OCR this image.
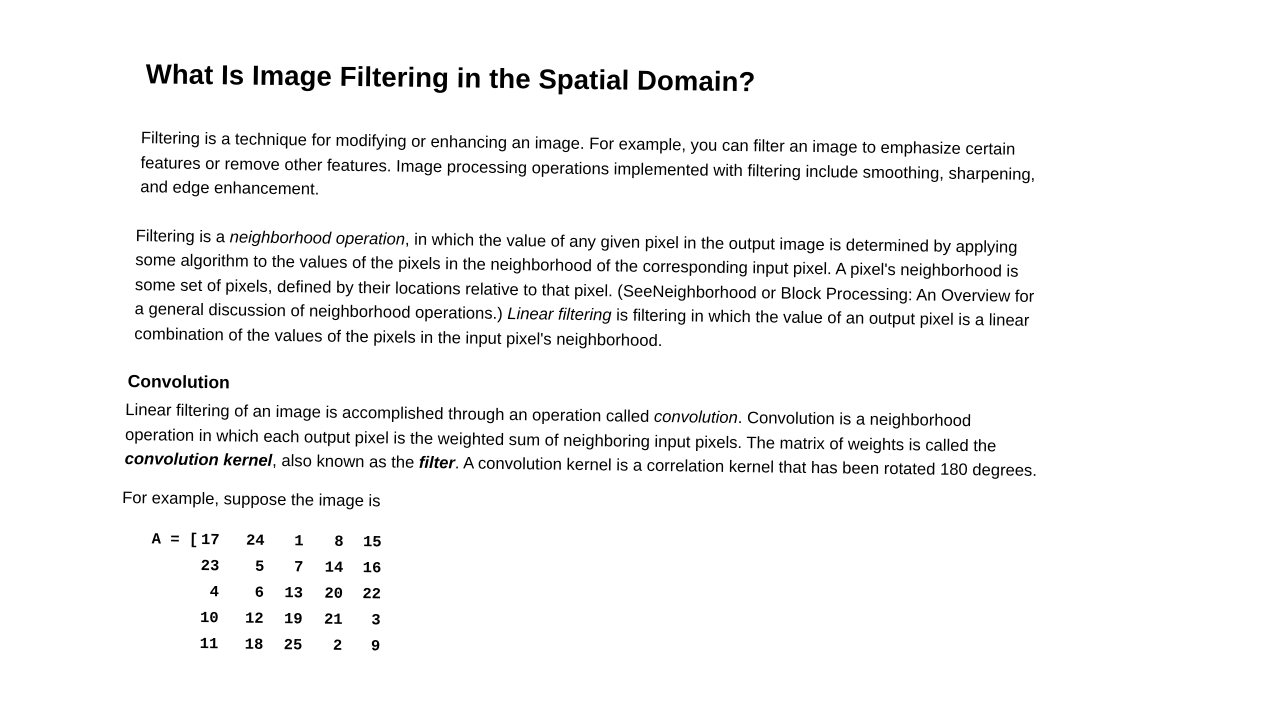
What Is Image Filtering in the Spatial Domain?

Filtering is a technique for modifying or enhancing an image. For example, you can filter an image to emphasize certain
features or remove other features. Image processing operations implemented with filtering include smoothing, sharpening,
and edge enhancement.

Filtering is a neighborhood operation, in which the value of any given pixel in the output image is determined by applying
some algorithm to the values of the pixels in the neighborhood of the corresponding input pixel. A pixel's neighborhood is
some set of pixels, defined by their locations relative to that pixel. (SeeNeighborhood or Block Processing: An Overview for
a general discussion of neighborhood operations.) Linear filtering is filtering in which the value of an output pixel is a linear
combination of the values of the pixels in the input pixel's neighborhood.

Convolution

Linear filtering of an image is accomplished through an operation called convolution. Convolution is a neighborhood
operation in which each output pixel is the weighted sum of neighboring input pixels. The matrix of weights is called the
convolution kernel, also known as the filter. A convolution kernel is a correlation kernel that has been rotated 180 degrees.

For example, suppose the image is

A = [ 17	24	1	8	15
23	5	7	14	16
4	6	13	20	22
10	12	19	21	3
11	18	25	2	9
